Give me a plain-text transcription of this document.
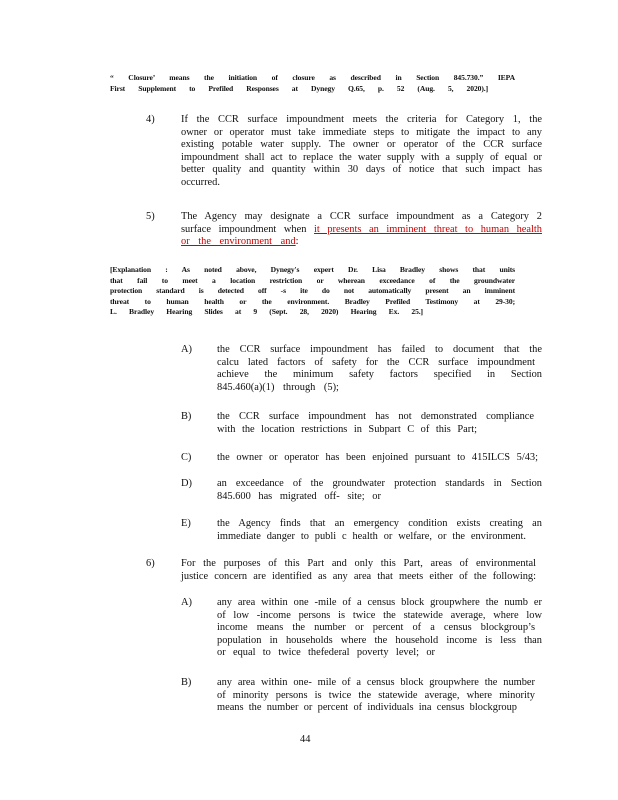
“ Closure’ means the initiation of closure as described in Section 845.730.” IEPA
First Supplement to Prefiled Responses at Dynegy Q.65, p. 52 (Aug. 5, 2020).]
4)	If the CCR surface impoundment meets the criteria for Category 1, the
owner or operator must take immediate steps to mitigate the impact to any
existing potable water supply. The owner or operator of the CCR surface
impoundment shall act to replace the water supply with a supply of equal or
better quality and quantity within 30 days of notice that such impact has
occurred.
5)	The Agency may designate a CCR surface impoundment as a Category 2
surface impoundment when it presents an imminent threat to human health
or the environment and:
[Explanation : As noted above, Dynegy's expert Dr. Lisa Bradley shows that units
that fail to meet a location restriction or wherean exceedance of the groundwater
protection standard is detected off -s ite do not automatically present an imminent
threat to human health or the environment. Bradley Prefiled Testimony at 29-30;
L. Bradley Hearing Slides at 9 (Sept. 28, 2020) Hearing Ex. 25.]
A) the CCR surface impoundment has failed to document that the
calcu lated factors of safety for the CCR surface impoundment
achieve the minimum safety factors specified in Section
845.460(a)(1) through (5);
B) the CCR surface impoundment has not demonstrated compliance
with the location restrictions in Subpart C of this Part;
C) the owner or operator has been enjoined pursuant to 415ILCS 5/43;
D) an exceedance of the groundwater protection standards in Section
845.600 has migrated off- site; or
E)	the Agency finds that an emergency condition exists creating an
immediate danger to publi c health or welfare, or the environment.
6)	For the purposes of this Part and only this Part, areas of environmental
justice concern are identified as any area that meets either of the following:
A) any area within one -mile of a census block groupwhere the numb er
of low -income persons is twice the statewide average, where low
income means the number or percent of a census blockgroup’s
population in households where the household income is less than
or equal to twice thefederal poverty level; or
B) any area within one- mile of a census block groupwhere the number
of minority persons is twice the statewide average, where minority
means the number or percent of individuals ina census blockgroup
44
